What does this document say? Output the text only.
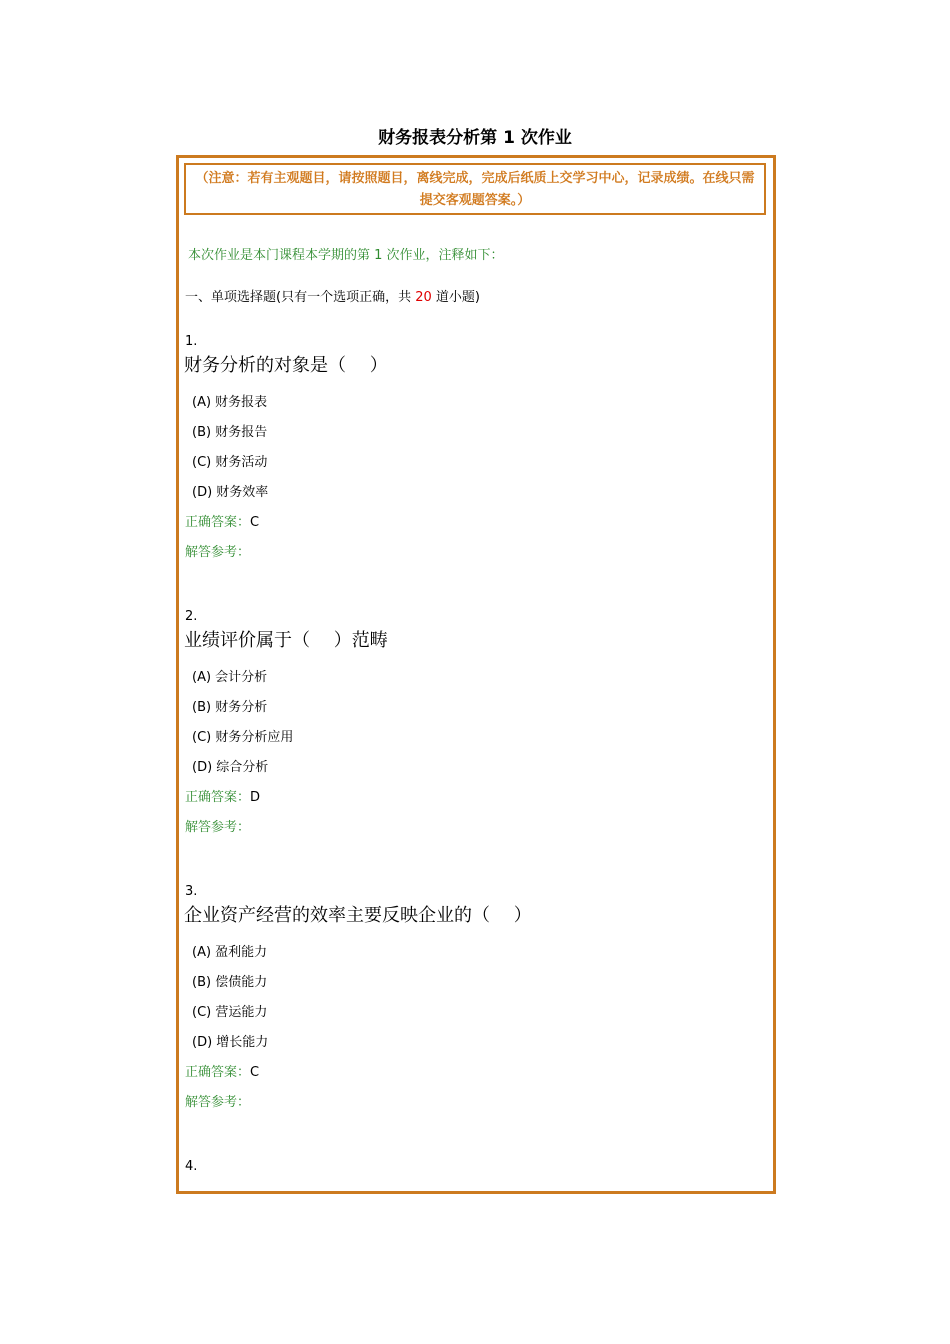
财务报表分析第 1 次作业
（注意：若有主观题目，请按照题目，离线完成，完成后纸质上交学习中心，记录成绩。在线只需提交客观题答案。）
本次作业是本门课程本学期的第 1 次作业，注释如下：
一、单项选择题(只有一个选项正确，共 20 道小题)
1.
财务分析的对象是（　 ）
(A) 财务报表
(B) 财务报告
(C) 财务活动
(D) 财务效率
正确答案：C
解答参考：
2.
业绩评价属于（　 ）范畴
(A) 会计分析
(B) 财务分析
(C) 财务分析应用
(D) 综合分析
正确答案：D
解答参考：
3.
企业资产经营的效率主要反映企业的（　 ）
(A) 盈利能力
(B) 偿债能力
(C) 营运能力
(D) 增长能力
正确答案：C
解答参考：
4.
